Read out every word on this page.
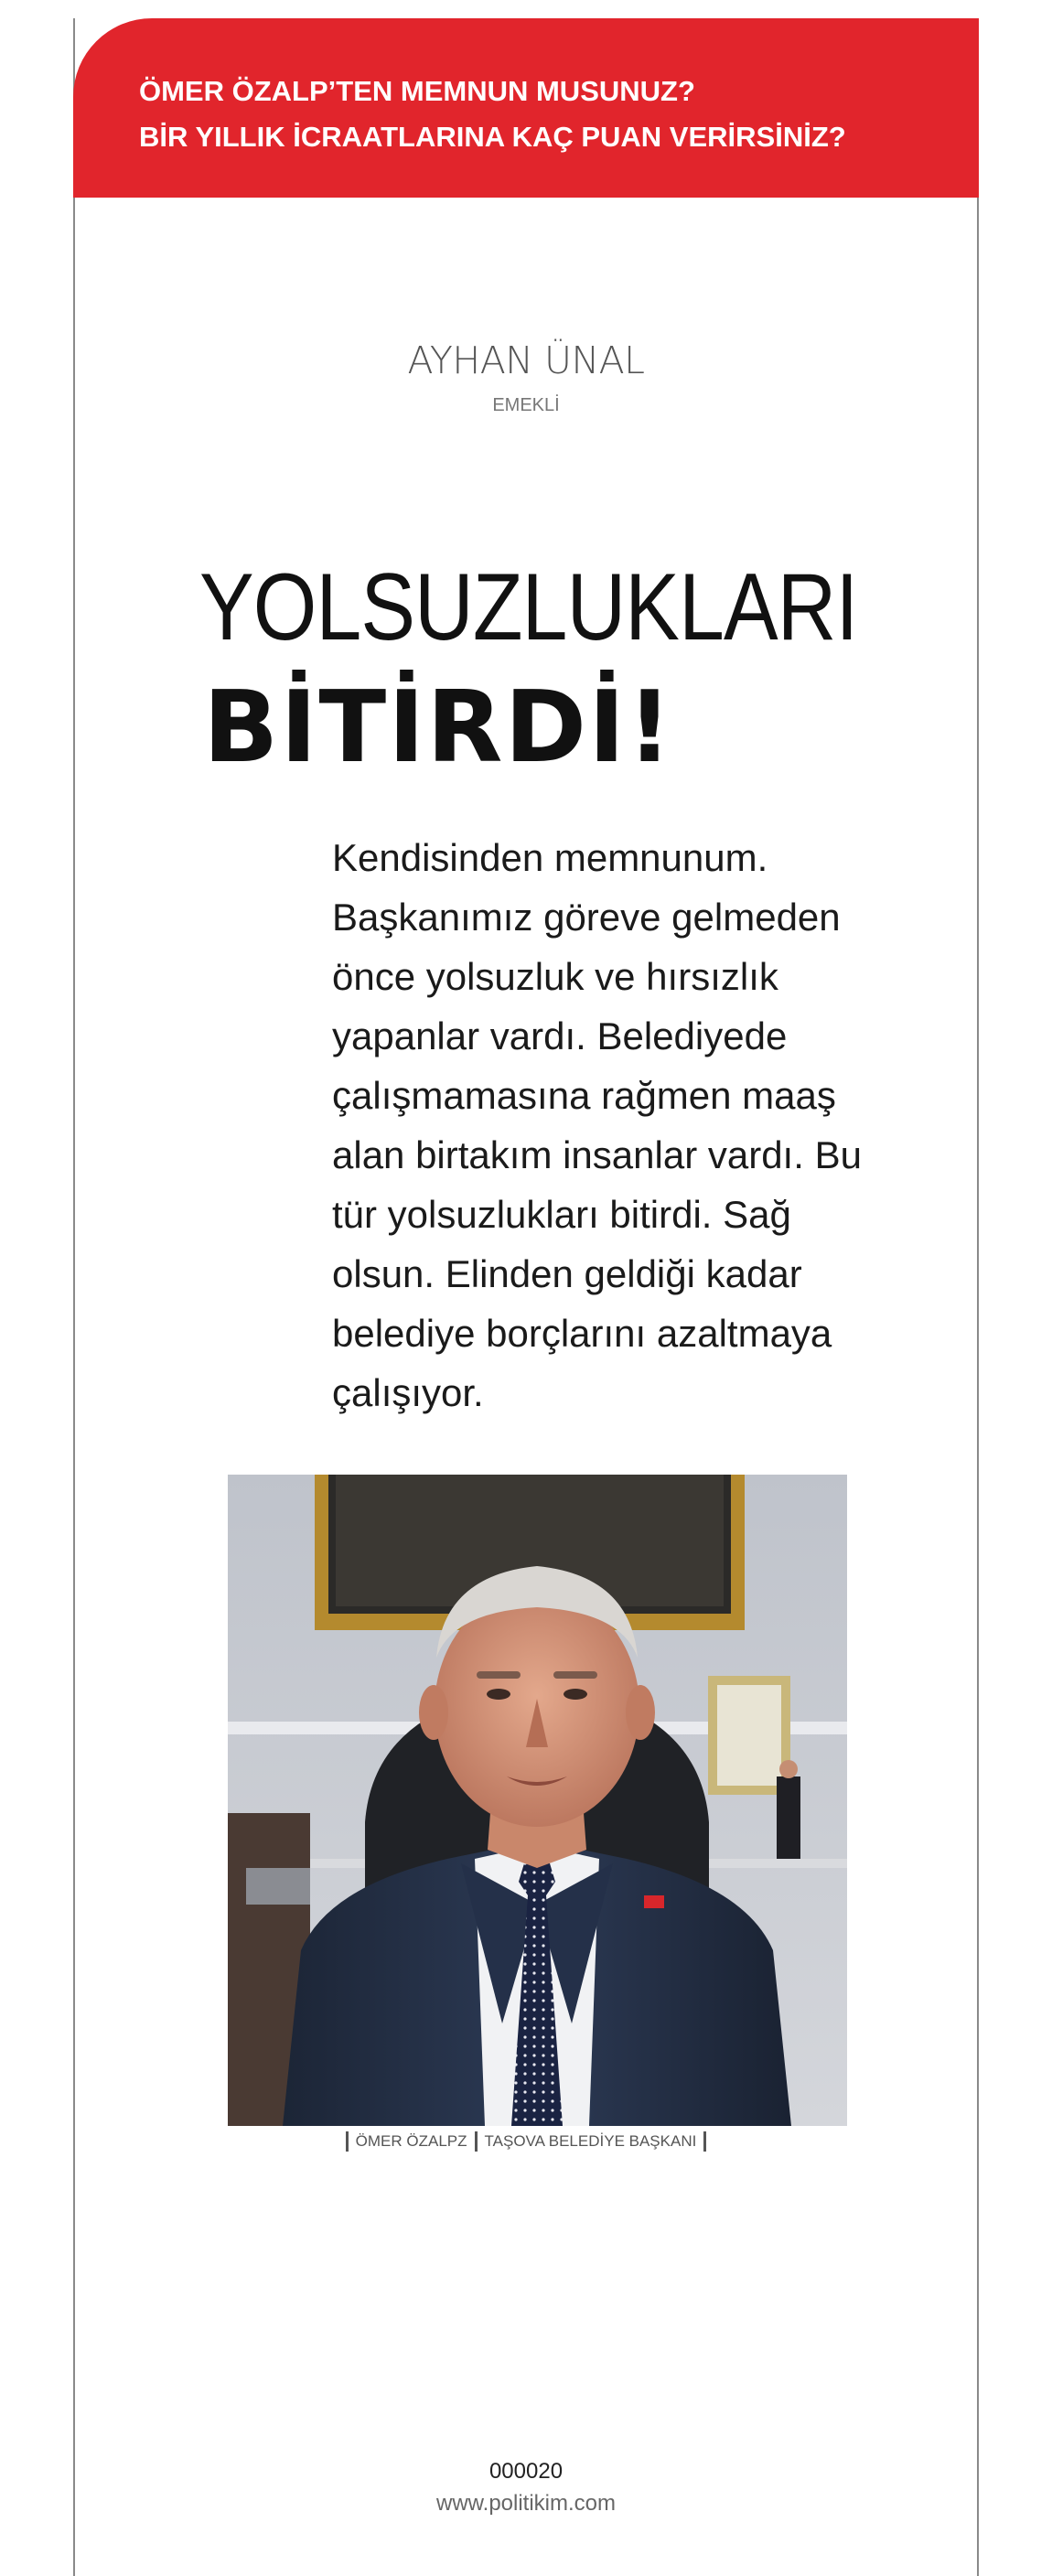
ÖMER ÖZALP’TEN MEMNUN MUSUNUZ?
BİR YILLIK İCRAATLARINA KAÇ PUAN VERİRSİNİZ?
AYHAN ÜNAL
EMEKLİ
YOLSUZLUKLARI
BİTİRDİ!
Kendisinden memnunum.
Başkanımız göreve gelmeden
önce yolsuzluk ve hırsızlık
yapanlar vardı. Belediyede
çalışmamasına rağmen maaş
alan birtakım insanlar vardı. Bu
tür yolsuzlukları bitirdi. Sağ
olsun. Elinden geldiği kadar
belediye borçlarını azaltmaya
çalışıyor.
ÖMER ÖZALPZ TAŞOVA BELEDİYE BAŞKANI
000020
www.politikim.com
